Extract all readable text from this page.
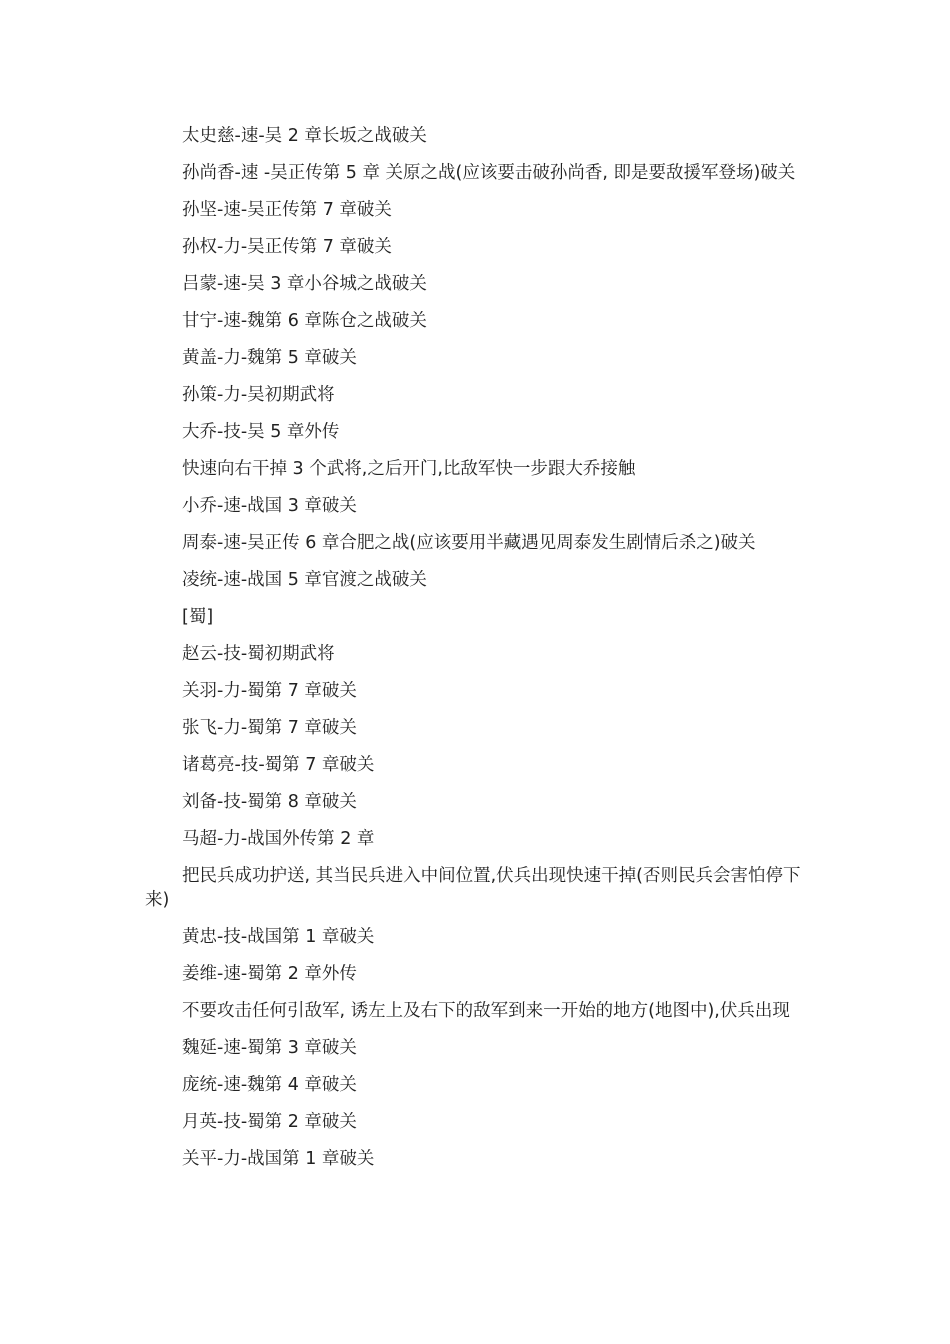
太史慈-速-吴 2 章长坂之战破关

孙尚香-速 -吴正传第 5 章 关原之战(应该要击破孙尚香, 即是要敌援军登场)破关

孙坚-速-吴正传第 7 章破关

孙权-力-吴正传第 7 章破关

吕蒙-速-吴 3 章小谷城之战破关

甘宁-速-魏第 6 章陈仓之战破关

黄盖-力-魏第 5 章破关

孙策-力-吴初期武将

大乔-技-吴 5 章外传

快速向右干掉 3 个武将,之后开门,比敌军快一步跟大乔接触

小乔-速-战国 3 章破关

周泰-速-吴正传 6 章合肥之战(应该要用半藏遇见周泰发生剧情后杀之)破关

凌统-速-战国 5 章官渡之战破关

[蜀]

赵云-技-蜀初期武将

关羽-力-蜀第 7 章破关

张飞-力-蜀第 7 章破关

诸葛亮-技-蜀第 7 章破关

刘备-技-蜀第 8 章破关

马超-力-战国外传第 2 章

把民兵成功护送, 其当民兵进入中间位置,伏兵出现快速干掉(否则民兵会害怕停下来)

黄忠-技-战国第 1 章破关

姜维-速-蜀第 2 章外传

不要攻击任何引敌军, 诱左上及右下的敌军到来一开始的地方(地图中),伏兵出现

魏延-速-蜀第 3 章破关

庞统-速-魏第 4 章破关

月英-技-蜀第 2 章破关

关平-力-战国第 1 章破关
